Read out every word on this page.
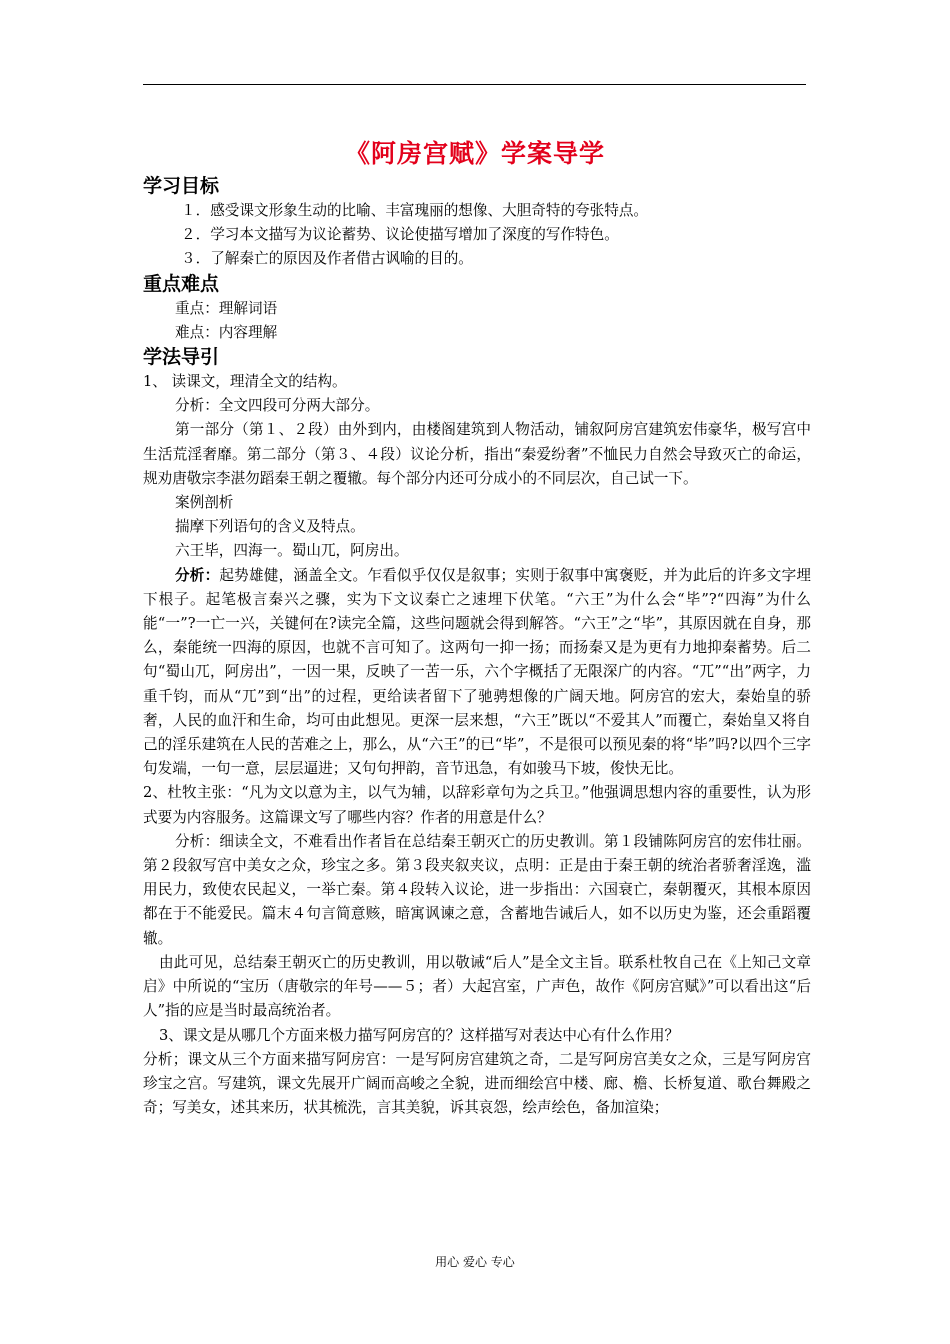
《阿房宫赋》学案导学
学习目标

１．感受课文形象生动的比喻、丰富瑰丽的想像、大胆奇特的夸张特点。

２．学习本文描写为议论蓄势、议论使描写增加了深度的写作特色。

３．了解秦亡的原因及作者借古讽喻的目的。

重点难点

重点：理解词语

难点：内容理解

学法导引

1、 读课文，理清全文的结构。

分析：全文四段可分两大部分。

第一部分（第１、２段）由外到内，由楼阁建筑到人物活动，铺叙阿房宫建筑宏伟豪华，极写宫中生活荒淫奢靡。第二部分（第３、４段）议论分析，指出“秦爱纷奢”不恤民力自然会导致灭亡的命运，规劝唐敬宗李湛勿蹈秦王朝之覆辙。每个部分内还可分成小的不同层次，自己试一下。

案例剖析

揣摩下列语句的含义及特点。

六王毕，四海一。蜀山兀，阿房出。

分析：起势雄健，涵盖全文。乍看似乎仅仅是叙事；实则于叙事中寓褒贬，并为此后的许多文字埋下根子。起笔极言秦兴之骤，实为下文议秦亡之速埋下伏笔。“六王”为什么会“毕”?“四海”为什么能“一”?一亡一兴，关键何在?读完全篇，这些问题就会得到解答。“六王”之“毕”，其原因就在自身，那么，秦能统一四海的原因，也就不言可知了。这两句一抑一扬；而扬秦又是为更有力地抑秦蓄势。后二句“蜀山兀，阿房出”，一因一果，反映了一苦一乐，六个字概括了无限深广的内容。“兀”“出”两字，力重千钧，而从“兀”到“出”的过程，更给读者留下了驰骋想像的广阔天地。阿房宫的宏大，秦始皇的骄奢，人民的血汗和生命，均可由此想见。更深一层来想，“六王”既以“不爱其人”而覆亡，秦始皇又将自己的淫乐建筑在人民的苦难之上，那么，从“六王”的已“毕”，不是很可以预见秦的将“毕”吗?以四个三字句发端，一句一意，层层逼进；又句句押韵，音节迅急，有如骏马下坡，俊快无比。

2、杜牧主张：“凡为文以意为主，以气为辅，以辞彩章句为之兵卫。”他强调思想内容的重要性，认为形式要为内容服务。这篇课文写了哪些内容？作者的用意是什么？

分析：细读全文，不难看出作者旨在总结秦王朝灭亡的历史教训。第１段铺陈阿房宫的宏伟壮丽。第２段叙写宫中美女之众，珍宝之多。第３段夹叙夹议，点明：正是由于秦王朝的统治者骄奢淫逸，滥用民力，致使农民起义，一举亡秦。第４段转入议论，进一步指出：六国衰亡，秦朝覆灭，其根本原因都在于不能爱民。篇末４句言简意赅，暗寓讽谏之意，含蓄地告诫后人，如不以历史为鉴，还会重蹈覆辙。

由此可见，总结秦王朝灭亡的历史教训，用以敬诫“后人”是全文主旨。联系杜牧自己在《上知己文章启》中所说的“宝历（唐敬宗的年号——５；者）大起宫室，广声色，故作《阿房宫赋》”可以看出这“后人”指的应是当时最高统治者。

3、课文是从哪几个方面来极力描写阿房宫的？这样描写对表达中心有什么作用？

分析；课文从三个方面来描写阿房宫：一是写阿房宫建筑之奇，二是写阿房宫美女之众，三是写阿房宫珍宝之宫。写建筑，课文先展开广阔而高峻之全貌，进而细绘宫中楼、廊、檐、长桥复道、歌台舞殿之奇；写美女，述其来历，状其梳洗，言其美貌，诉其哀怨，绘声绘色，备加渲染；

用心 爱心 专心
